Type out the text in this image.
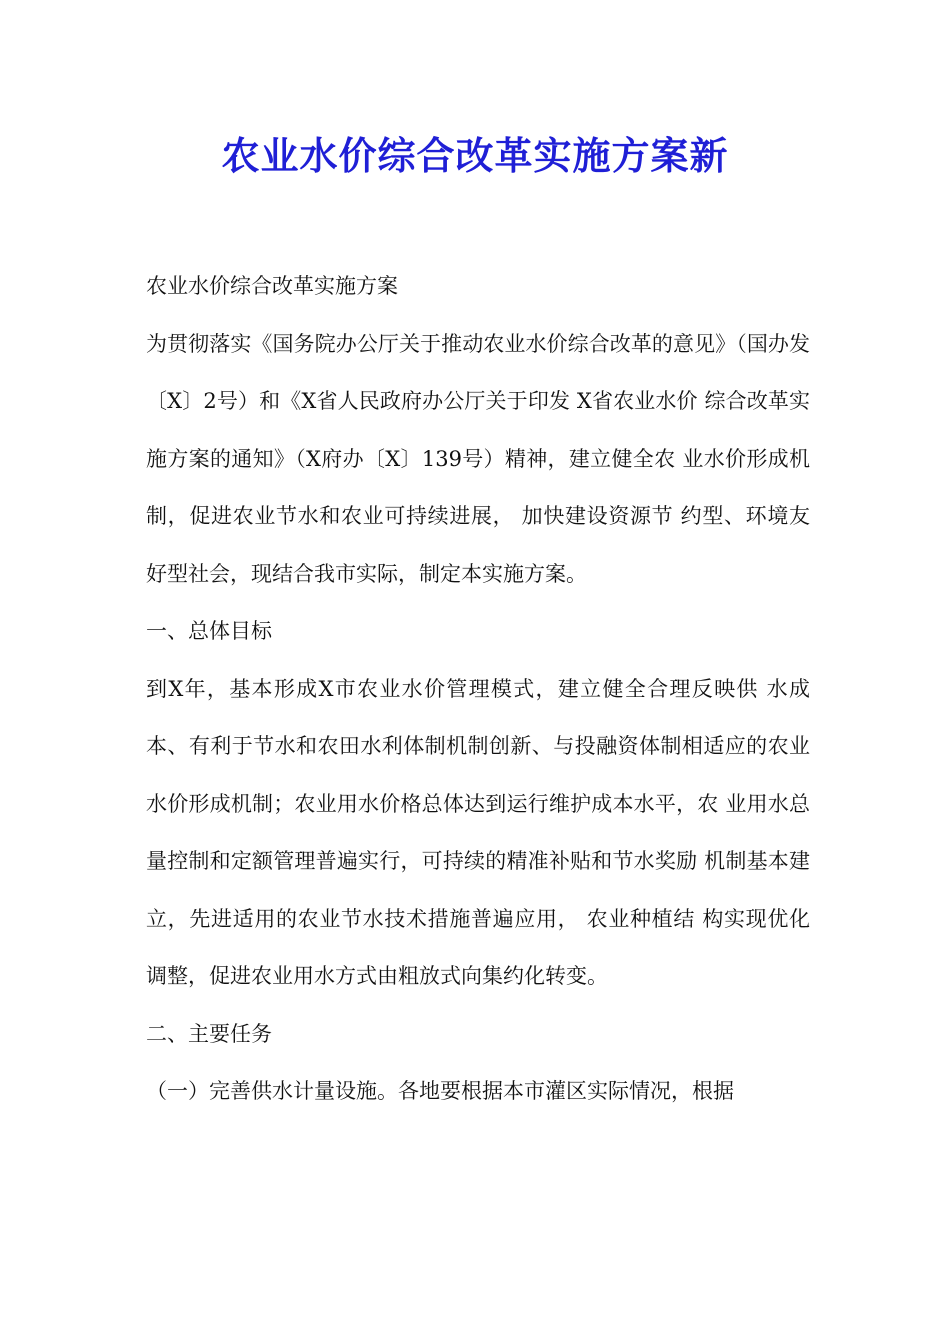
农业水价综合改革实施方案新

农业水价综合改革实施方案

为贯彻落实《国务院办公厅关于推动农业水价综合改革的意见》（国办发〔X〕2号）和《X省人民政府办公厅关于印发 X省农业水价 综合改革实施方案的通知》（X府办〔X〕139号）精神，建立健全农 业水价形成机制，促进农业节水和农业可持续进展， 加快建设资源节 约型、环境友好型社会，现结合我市实际，制定本实施方案。

一、总体目标

到X年，基本形成X市农业水价管理模式，建立健全合理反映供 水成本、有利于节水和农田水利体制机制创新、与投融资体制相适应的农业水价形成机制；农业用水价格总体达到运行维护成本水平，农 业用水总量控制和定额管理普遍实行，可持续的精准补贴和节水奖励 机制基本建立，先进适用的农业节水技术措施普遍应用， 农业种植结 构实现优化调整，促进农业用水方式由粗放式向集约化转变。

二、主要任务

（一）完善供水计量设施。各地要根据本市灌区实际情况，根据
